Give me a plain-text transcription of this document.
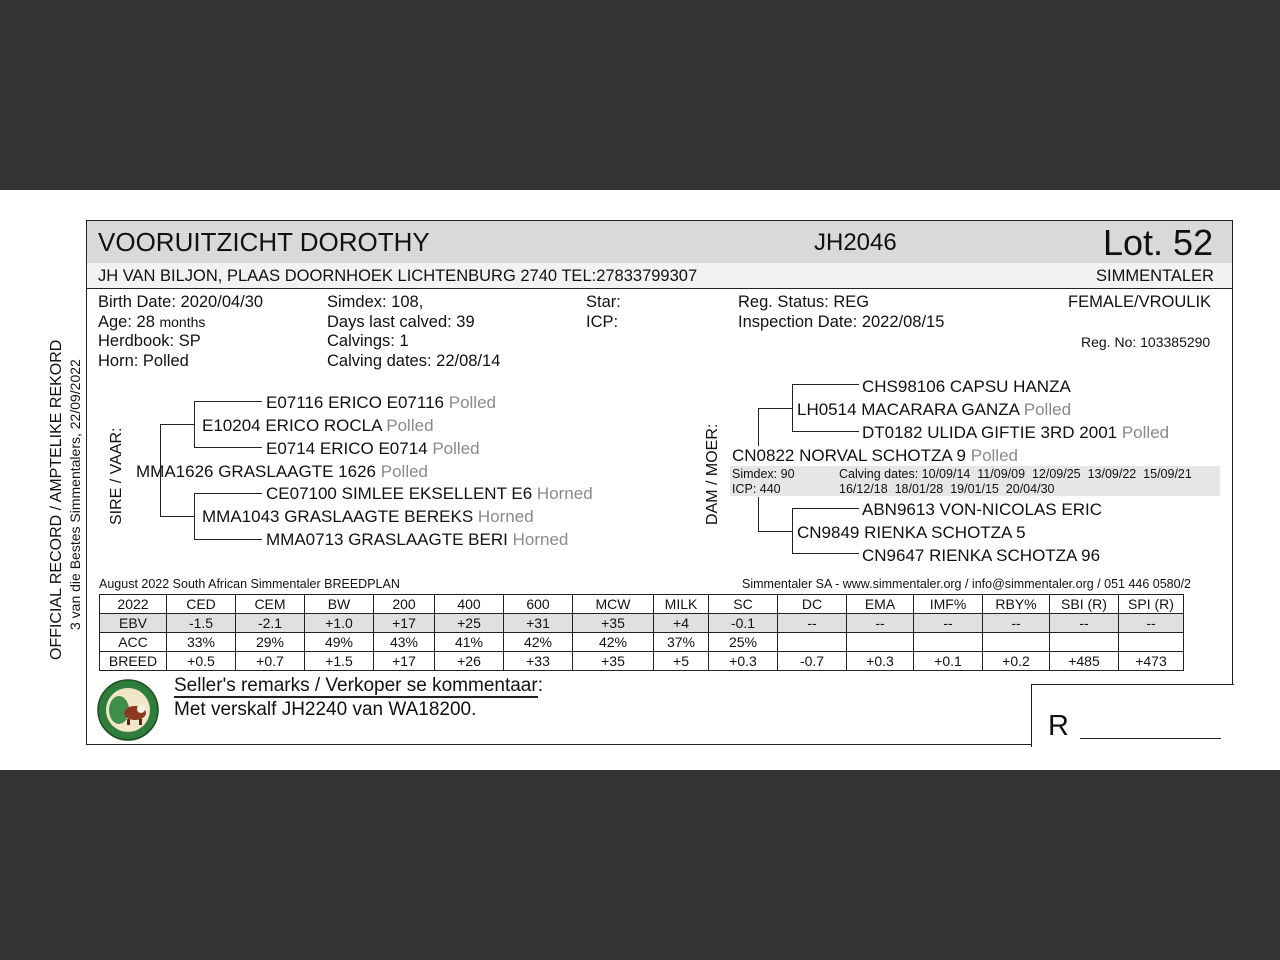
OFFICIAL RECORD / AMPTELIKE REKORD 3 van die Bestes Simmentalers, 22/09/2022
VOORUITZICHT DOROTHY	JH2046	Lot. 52
JH VAN BILJON, PLAAS DOORNHOEK LICHTENBURG 2740 TEL:27833799307	SIMMENTALER
Birth Date: 2020/04/30
Age: 28 months
Herdbook: SP
Horn: Polled
Simdex: 108,
Days last calved: 39
Calvings: 1
Calving dates: 22/08/14
Star:
ICP:
Reg. Status: REG
Inspection Date: 2022/08/15
FEMALE/VROULIK
Reg. No: 103385290
SIRE / VAAR:
E07116 ERICO E07116 Polled
E10204 ERICO ROCLA Polled
E0714 ERICO E0714 Polled
MMA1626 GRASLAAGTE 1626 Polled
CE07100 SIMLEE EKSELLENT E6 Horned
MMA1043 GRASLAAGTE BEREKS Horned
MMA0713 GRASLAAGTE BERI Horned
DAM / MOER:
CHS98106 CAPSU HANZA
LH0514 MACARARA GANZA Polled
DT0182 ULIDA GIFTIE 3RD 2001 Polled
CN0822 NORVAL SCHOTZA 9 Polled
Simdex: 90
ICP: 440
Calving dates: 10/09/14  11/09/09  12/09/25  13/09/22  15/09/21
16/12/18  18/01/28  19/01/15  20/04/30
ABN9613 VON-NICOLAS ERIC
CN9849 RIENKA SCHOTZA 5
CN9647 RIENKA SCHOTZA 96
August 2022 South African Simmentaler BREEDPLAN	Simmentaler SA - www.simmentaler.org / info@simmentaler.org / 051 446 0580/2
2022	CED	CEM	BW	200	400	600	MCW	MILK	SC	DC	EMA	IMF%	RBY%	SBI (R)	SPI (R)
EBV	-1.5	-2.1	+1.0	+17	+25	+31	+35	+4	-0.1	--	--	--	--	--	--
ACC	33%	29%	49%	43%	41%	42%	42%	37%	25%						
BREED	+0.5	+0.7	+1.5	+17	+26	+33	+35	+5	+0.3	-0.7	+0.3	+0.1	+0.2	+485	+473
Seller's remarks / Verkoper se kommentaar:
Met verskalf JH2240 van WA18200.
R
